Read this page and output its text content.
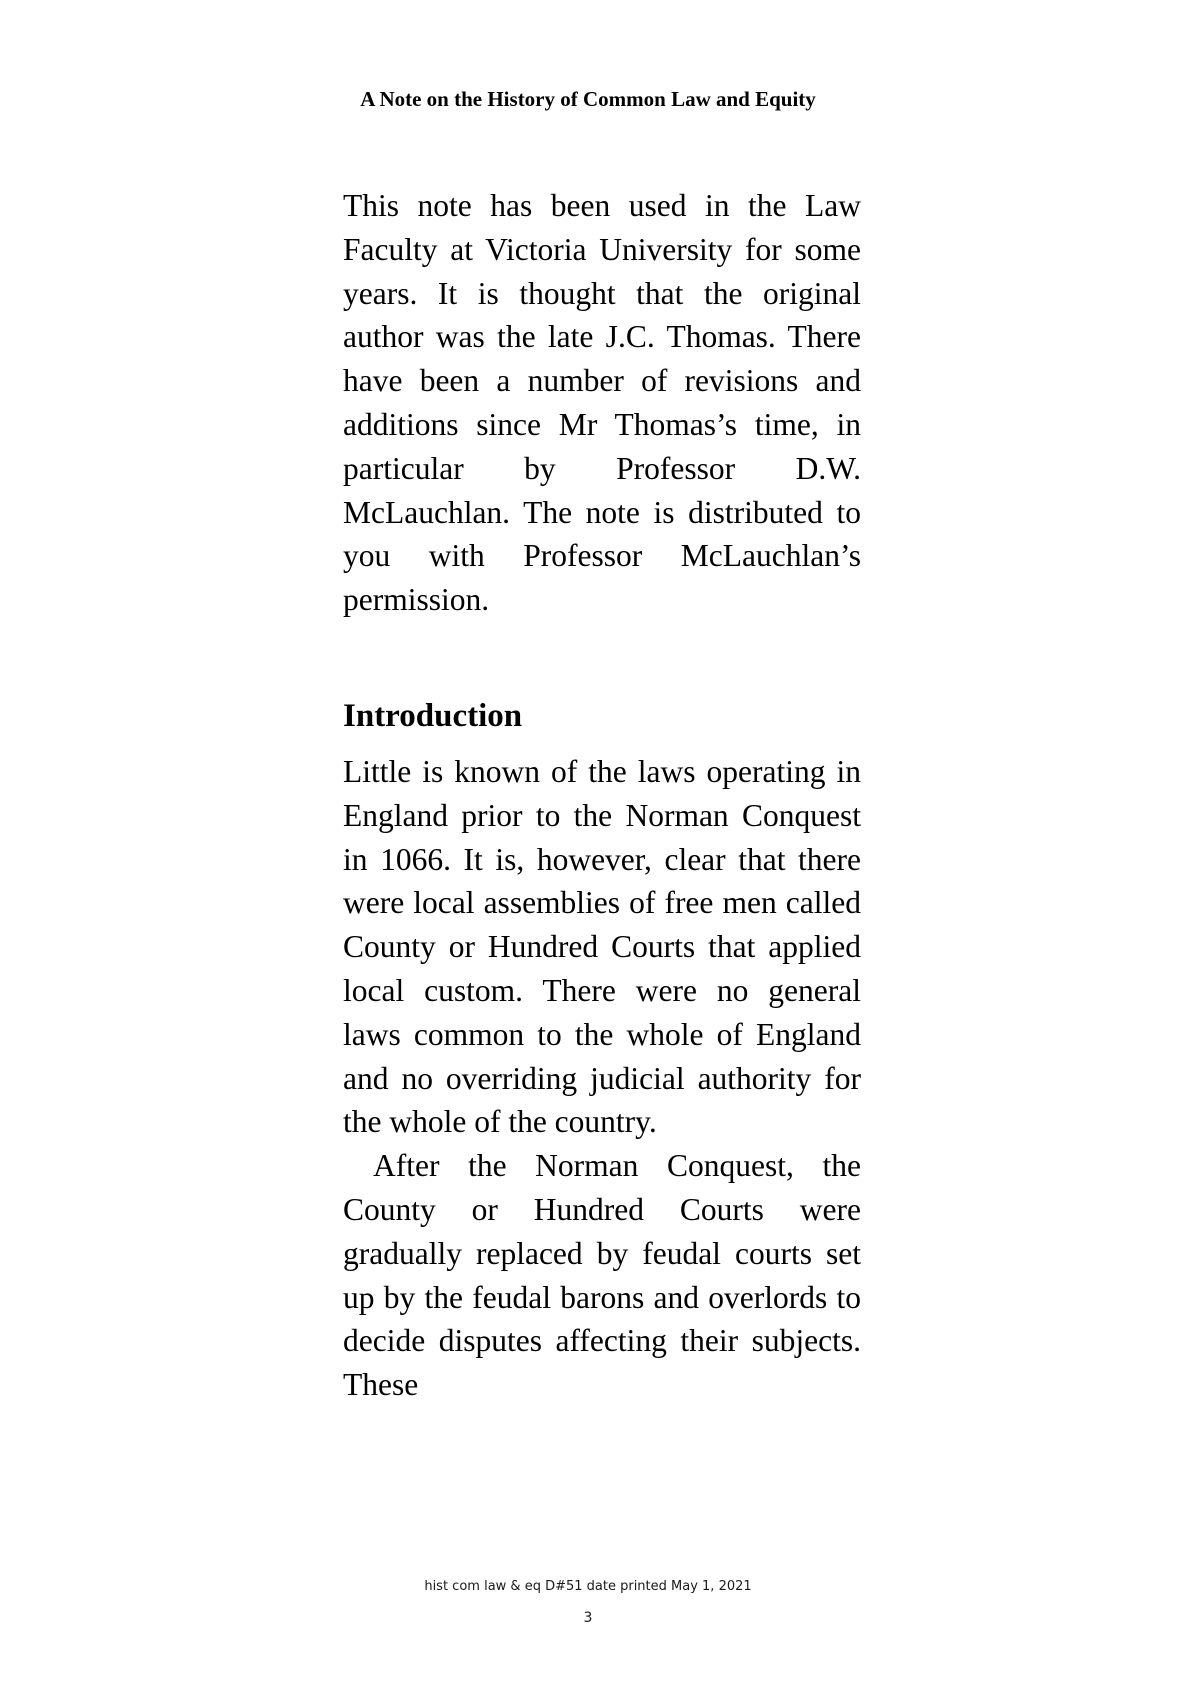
A Note on the History of Common Law and Equity

This note has been used in the Law Faculty at Victoria University for some years. It is thought that the original author was the late J.C. Thomas. There have been a number of revisions and additions since Mr Thomas’s time, in particular by Professor D.W. McLauchlan. The note is distributed to you with Professor McLauchlan’s permission.

Introduction

Little is known of the laws operating in England prior to the Norman Conquest in 1066. It is, however, clear that there were local assemblies of free men called County or Hundred Courts that applied local custom. There were no general laws common to the whole of England and no overriding judicial authority for the whole of the country.

After the Norman Conquest, the County or Hundred Courts were gradually replaced by feudal courts set up by the feudal barons and overlords to decide disputes affecting their subjects. These

hist com law & eq D#51 date printed May 1, 2021

3
